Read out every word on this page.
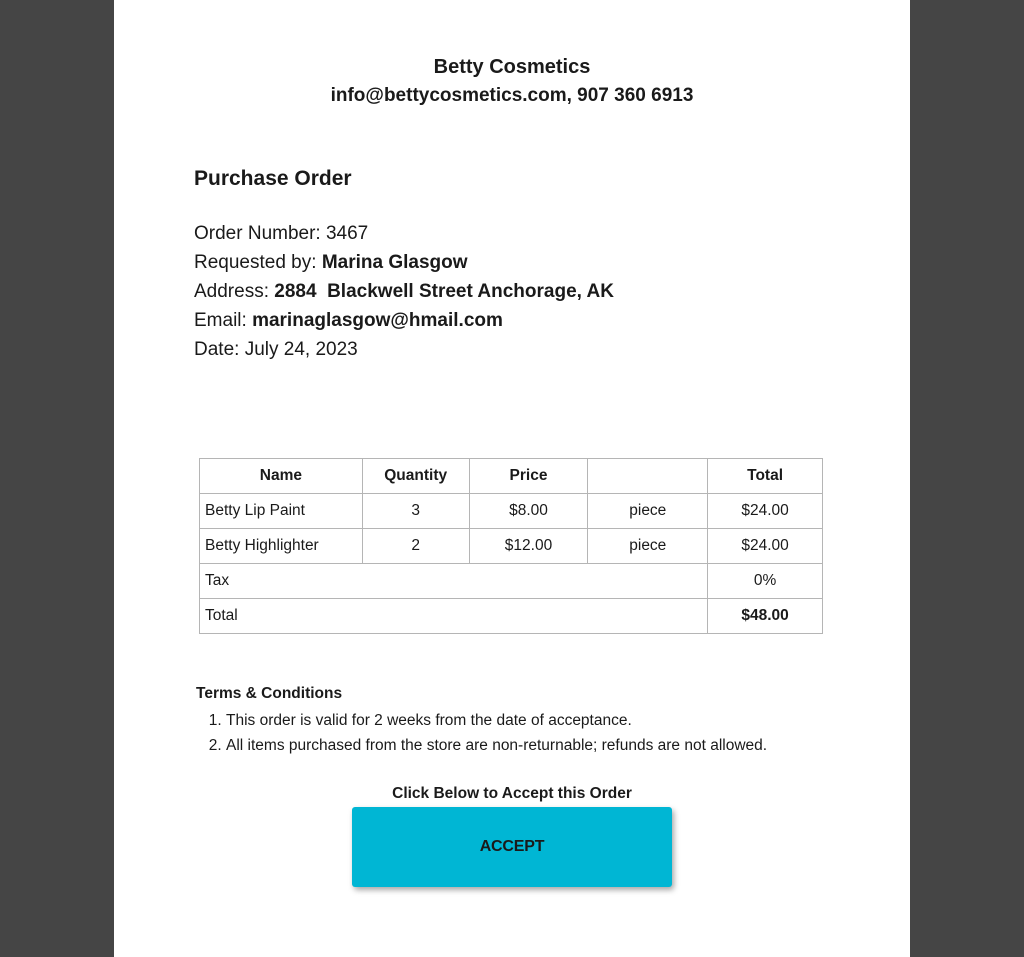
Betty Cosmetics
info@bettycosmetics.com, 907 360 6913
Purchase Order
Order Number: 3467
Requested by: Marina Glasgow
Address: 2884  Blackwell Street Anchorage, AK
Email: marinaglasgow@hmail.com
Date: July 24, 2023
Name	Quantity	Price		Total
Betty Lip Paint	3	$8.00	piece	$24.00
Betty Highlighter	2	$12.00	piece	$24.00
Tax				0%
Total				$48.00
Terms & Conditions
1. This order is valid for 2 weeks from the date of acceptance.
2. All items purchased from the store are non-returnable; refunds are not allowed.
Click Below to Accept this Order
ACCEPT
